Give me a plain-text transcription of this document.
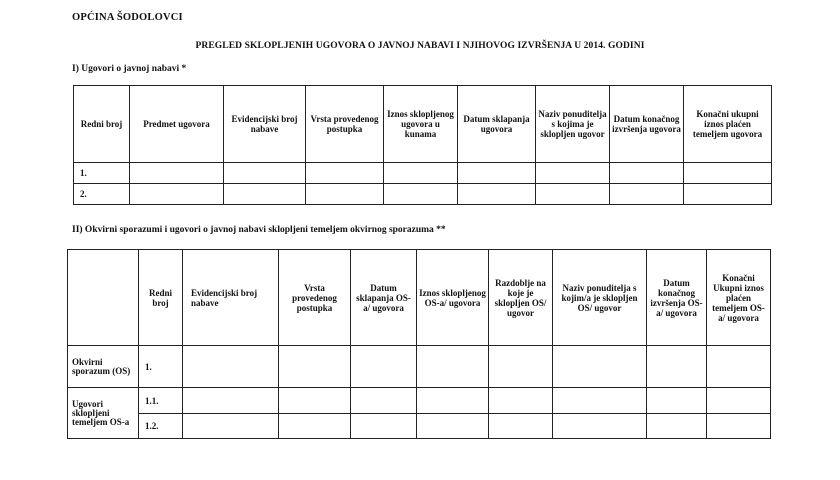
OPĆINA ŠODOLOVCI
PREGLED SKLOPLJENIH UGOVORA O JAVNOJ NABAVI I NJIHOVOG IZVRŠENJA U 2014. GODINI
I) Ugovori o javnoj nabavi *
Redni broj	Predmet ugovora	Evidencijski broj nabave	Vrsta provedenog postupka	Iznos sklopljenog ugovora u kunama	Datum sklapanja ugovora	Naziv ponuditelja s kojima je sklopljen ugovor	Datum konačnog izvršenja ugovora	Konačni ukupni iznos plaćen temeljem ugovora
1.								
2.								
II) Okvirni sporazumi i ugovori o javnoj nabavi sklopljeni temeljem okvirnog sporazuma **
	Redni broj	Evidencijski broj nabave	Vrsta provedenog postupka	Datum sklapanja OS-a/ ugovora	Iznos sklopljenog OS-a/ ugovora	Razdoblje na koje je sklopljen OS/ ugovor	Naziv ponuditelja s kojim/a je sklopljen OS/ ugovor	Datum konačnog izvršenja OS-a/ ugovora	Konačni Ukupni iznos plaćen temeljem OS-a/ ugovora
Okvirni sporazum (OS)	1.								
Ugovori sklopljeni temeljem OS-a	1.1.								
	1.2.								
